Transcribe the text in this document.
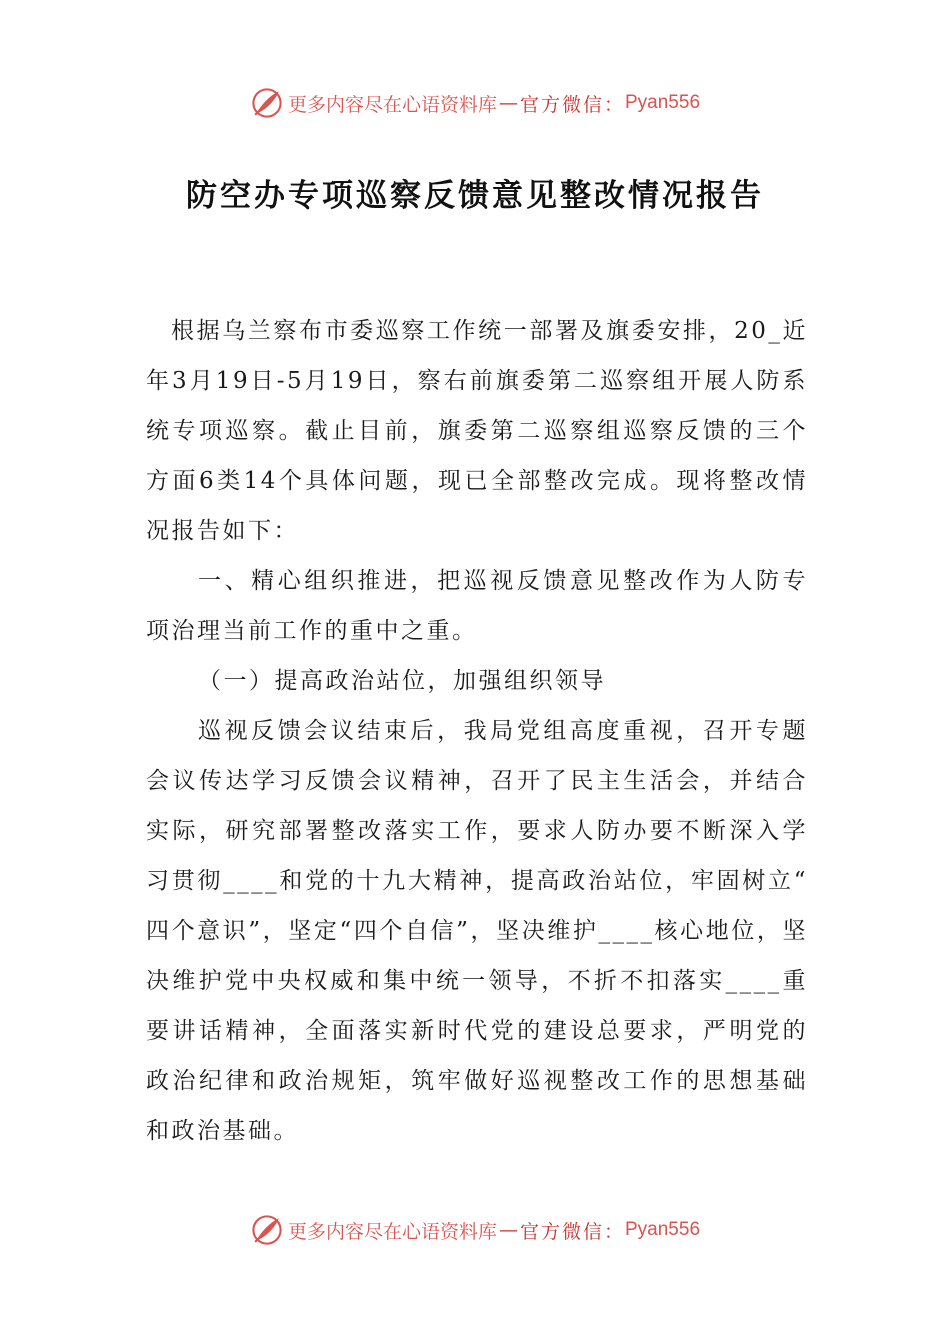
更多内容尽在心语资料库 — 官方微信： Pyan556
防空办专项巡察反馈意见整改情况报告

根据乌兰察布市委巡察工作统一部署及旗委安排，20_近年3月19日-5月19日，察右前旗委第二巡察组开展人防系统专项巡察。截止目前，旗委第二巡察组巡察反馈的三个方面6类14个具体问题，现已全部整改完成。现将整改情况报告如下：

一、精心组织推进，把巡视反馈意见整改作为人防专项治理当前工作的重中之重。

（一）提高政治站位，加强组织领导

巡视反馈会议结束后，我局党组高度重视，召开专题会议传达学习反馈会议精神，召开了民主生活会，并结合实际，研究部署整改落实工作，要求人防办要不断深入学习贯彻____和党的十九大精神，提高政治站位，牢固树立“四个意识”，坚定“四个自信”，坚决维护____核心地位，坚决维护党中央权威和集中统一领导，不折不扣落实____重要讲话精神，全面落实新时代党的建设总要求，严明党的政治纪律和政治规矩，筑牢做好巡视整改工作的思想基础和政治基础。

更多内容尽在心语资料库 — 官方微信： Pyan556
